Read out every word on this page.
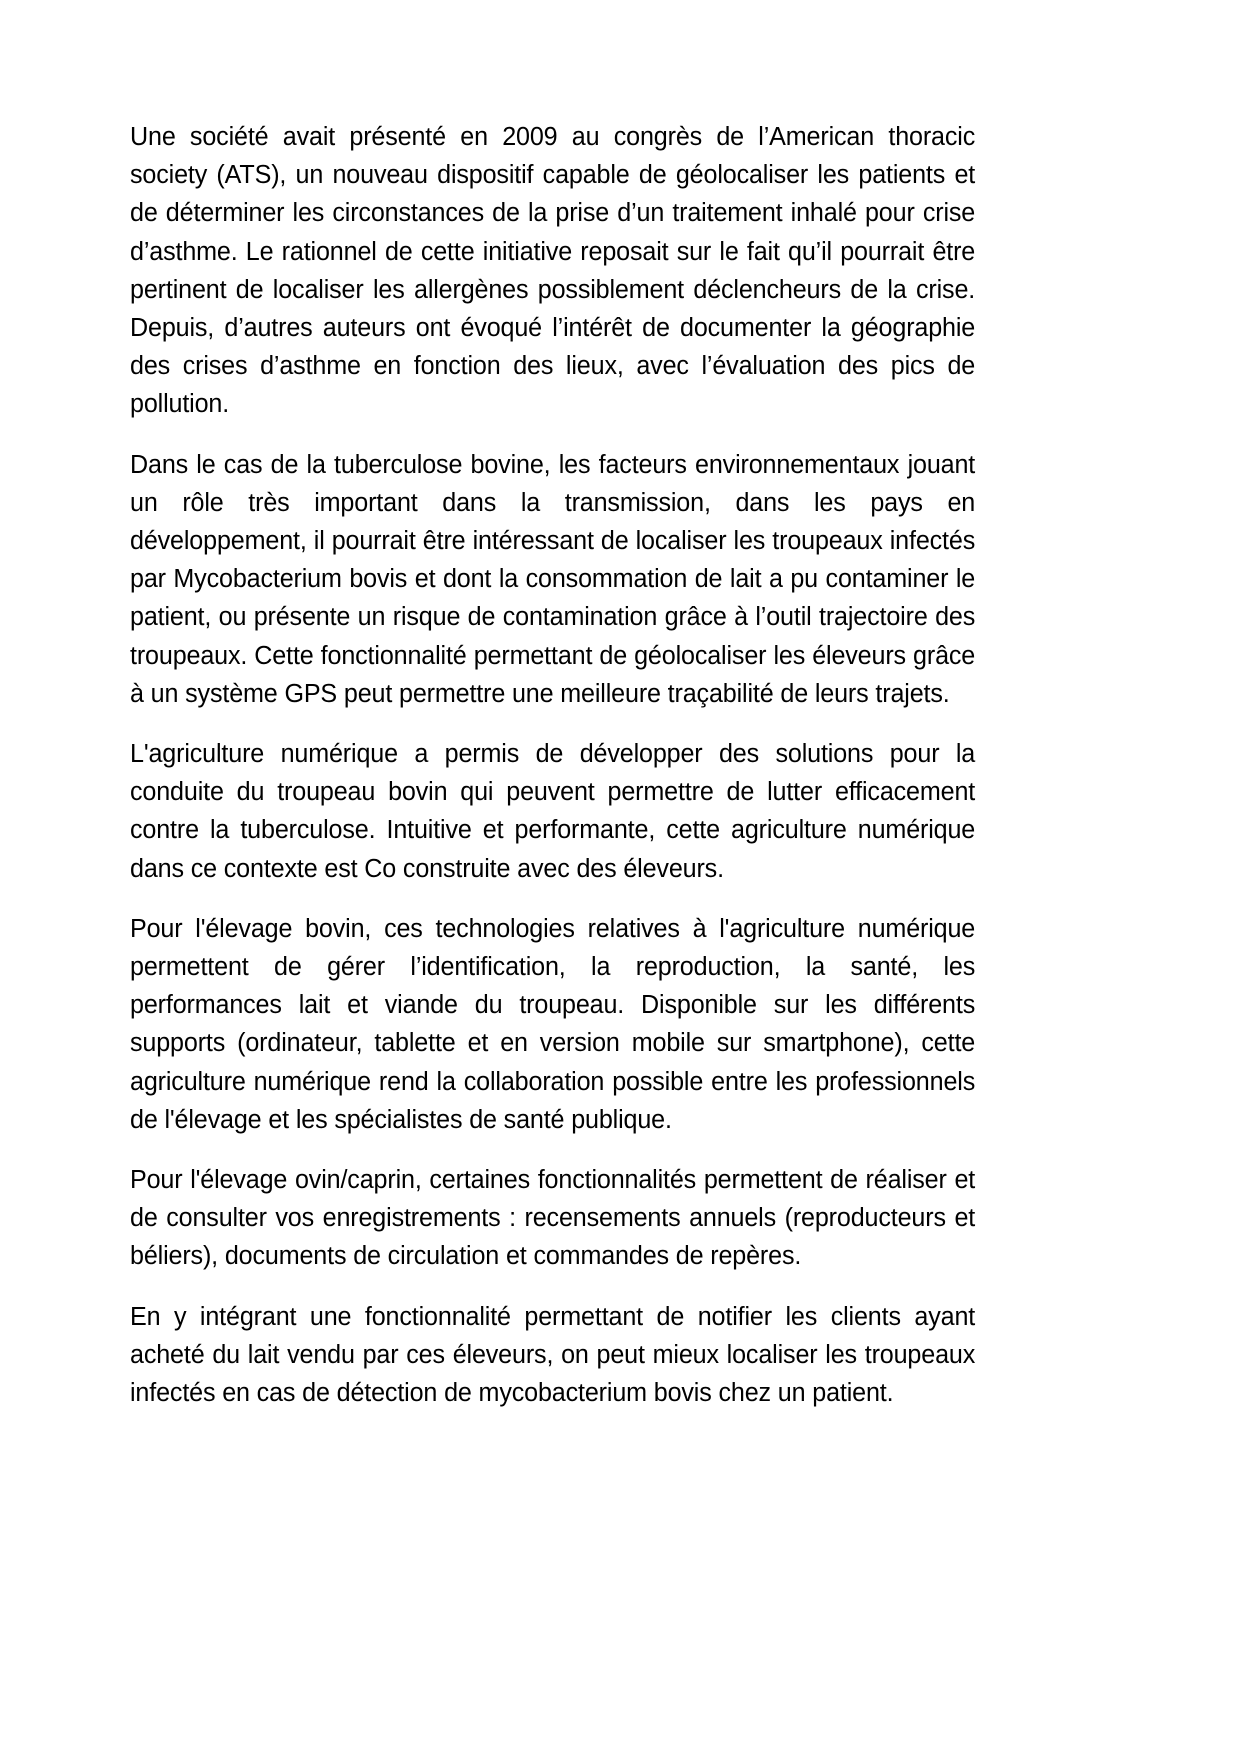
Une société avait présenté en 2009 au congrès de l’American thoracic society (ATS), un nouveau dispositif capable de géolocaliser les patients et de déterminer les circonstances de la prise d’un traitement inhalé pour crise d’asthme. Le rationnel de cette initiative reposait sur le fait qu’il pourrait être pertinent de localiser les allergènes possiblement déclencheurs de la crise. Depuis, d’autres auteurs ont évoqué l’intérêt de documenter la géographie des crises d’asthme en fonction des lieux, avec l’évaluation des pics de pollution.

Dans le cas de la tuberculose bovine, les facteurs environnementaux jouant un rôle très important dans la transmission, dans les pays en développement, il pourrait être intéressant de localiser les troupeaux infectés par Mycobacterium bovis et dont la consommation de lait a pu contaminer le patient, ou présente un risque de contamination grâce à l’outil trajectoire des troupeaux. Cette fonctionnalité permettant de géolocaliser les éleveurs grâce à un système GPS peut permettre une meilleure traçabilité de leurs trajets.

L'agriculture numérique a permis de développer des solutions pour la conduite du troupeau bovin qui peuvent permettre de lutter efficacement contre la tuberculose. Intuitive et performante, cette agriculture numérique dans ce contexte est Co construite avec des éleveurs.

Pour l'élevage bovin, ces technologies relatives à l'agriculture numérique permettent de gérer l’identification, la reproduction, la santé, les performances lait et viande du troupeau. Disponible sur les différents supports (ordinateur, tablette et en version mobile sur smartphone), cette agriculture numérique rend la collaboration possible entre les professionnels de l'élevage et les spécialistes de santé publique.

Pour l'élevage ovin/caprin, certaines fonctionnalités permettent de réaliser et de consulter vos enregistrements : recensements annuels (reproducteurs et béliers), documents de circulation et commandes de repères.

En y intégrant une fonctionnalité permettant de notifier les clients ayant acheté du lait vendu par ces éleveurs, on peut mieux localiser les troupeaux infectés en cas de détection de mycobacterium bovis chez un patient.
